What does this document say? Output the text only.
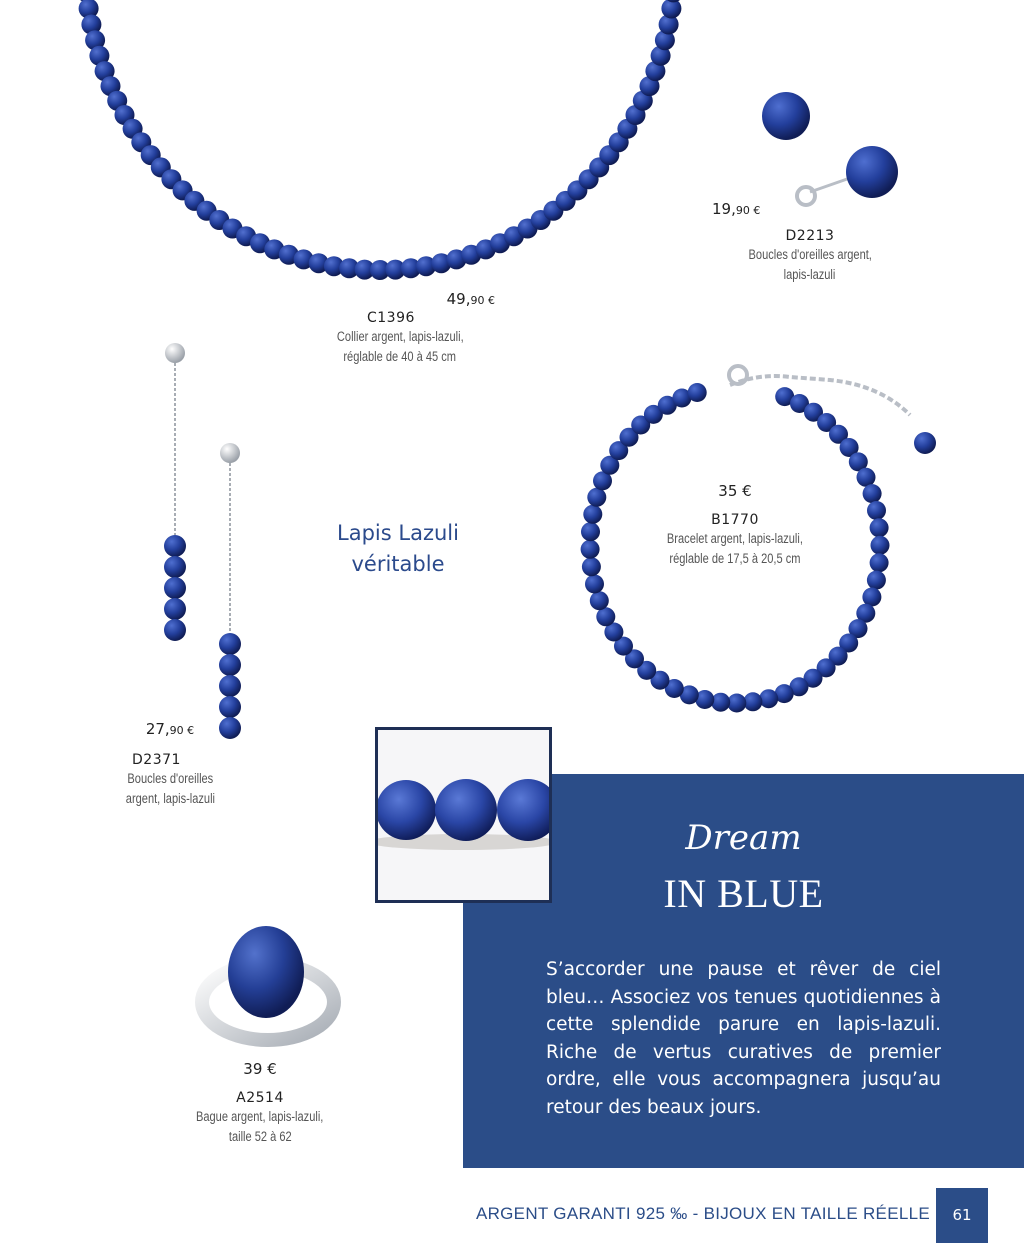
49,90 €
C1396
Collier argent, lapis-lazuli,
réglable de 40 à 45 cm
19,90 €
D2213
Boucles d'oreilles argent,
lapis-lazuli
35 €
B1770
Bracelet argent, lapis-lazuli,
réglable de 17,5 à 20,5 cm
27,90 €
D2371
Boucles d'oreilles
argent, lapis-lazuli
39 €
A2514
Bague argent, lapis-lazuli,
taille 52 à 62
Lapis Lazuli
véritable
Dream
IN BLUE
S’accorder une pause et rêver de ciel bleu… Associez vos tenues quotidiennes à cette splendide parure en lapis-lazuli. Riche de vertus curatives de premier ordre, elle vous accompagnera jusqu’au retour des beaux jours.
ARGENT GARANTI 925 ‰ - BIJOUX EN TAILLE RÉELLE	61
